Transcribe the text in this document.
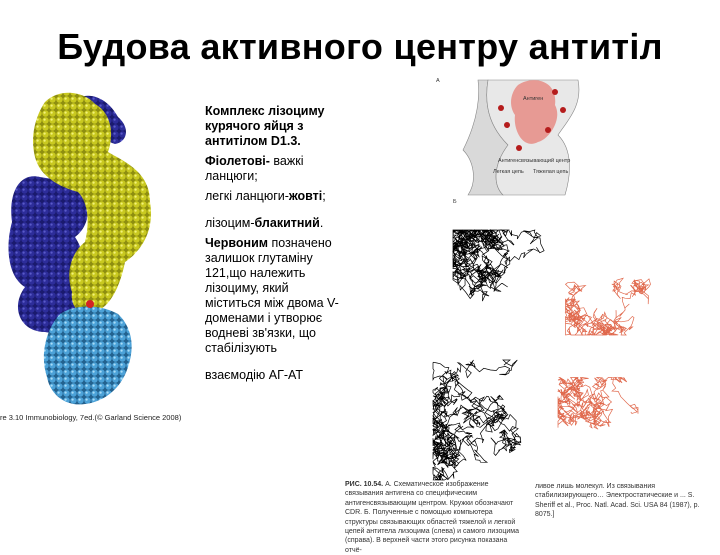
Будова активного центру антитіл
re 3.10 Immunobiology, 7ed.(© Garland Science 2008)

Комплекс лізоциму курячого яйця з антитілом D1.3.

Фіолетові- важкі ланцюги;

легкі ланцюги-жовті;

лізоцим-блакитний.

Червоним позначено залишок глутаміну 121,що належить лізоциму, який міститься між двома V-доменами і утворює водневі зв'язки, що стабілізують

взаємодію АГ-АТ

А
Антиген
Антигенсвязывающий центр
Легкая цепь Тяжелая цепь
Б
РИС. 10.54. А. Схематическое изображение связывания антигена со специфическим антигенсвязывающим центром. Кружки обозначают CDR. Б. Полученные с помощью компьютера структуры связывающих областей тяжелой и легкой цепей антитела лизоцима (слева) и самого лизоцима (справа). В верхней части этого рисунка показана отчё-
ливое лишь молекул. Из связывания стабилизирующего… Электростатические и ... S. Sheriff et al., Proc. Natl. Acad. Sci. USA 84 (1987), p. 8075.]
